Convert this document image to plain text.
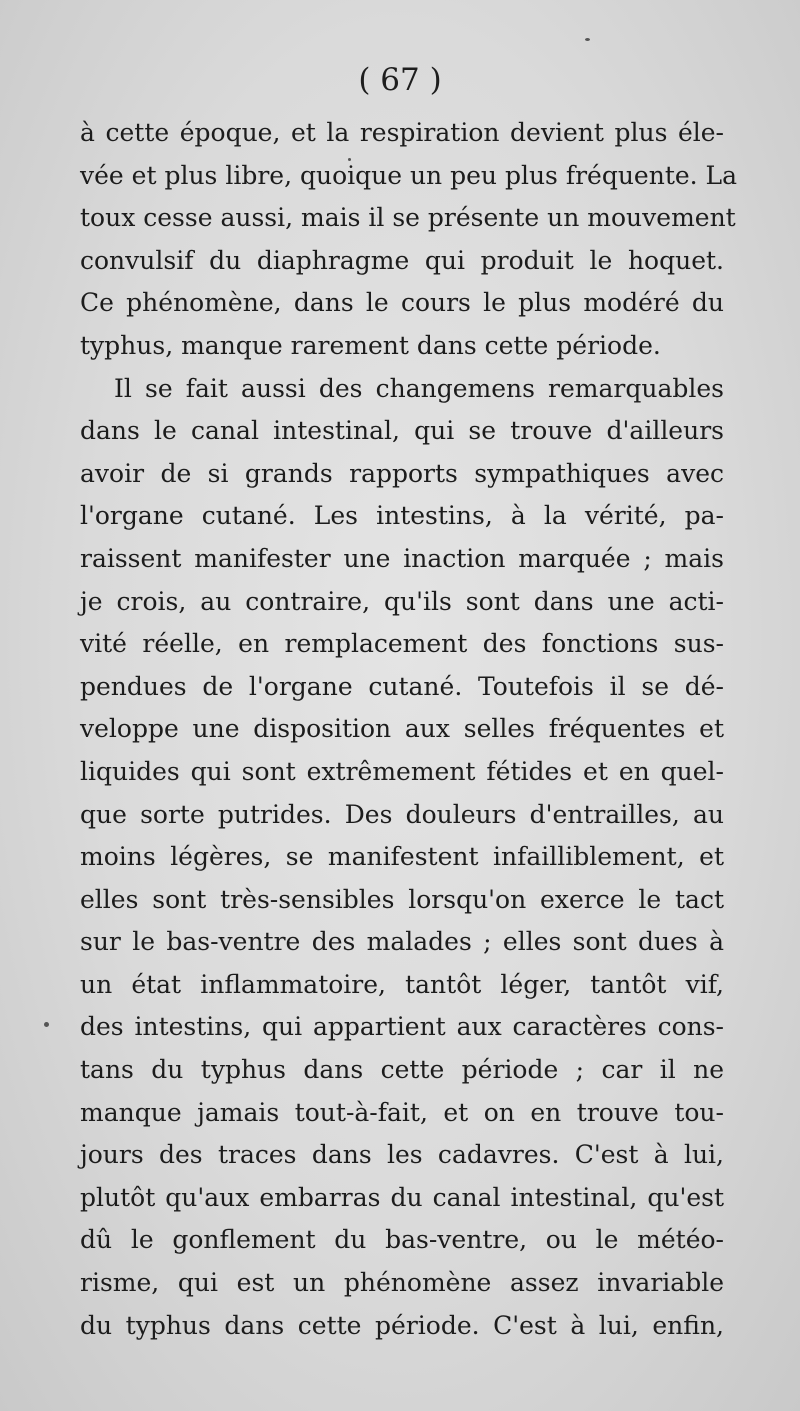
( 67 )

à cette époque, et la respiration devient plus éle-
vée et plus libre, quoique un peu plus fréquente. La
toux cesse aussi, mais il se présente un mouvement
convulsif du diaphragme qui produit le hoquet.
Ce phénomène, dans le cours le plus modéré du
typhus, manque rarement dans cette période.
Il se fait aussi des changemens remarquables
dans le canal intestinal, qui se trouve d'ailleurs
avoir de si grands rapports sympathiques avec
l'organe cutané. Les intestins, à la vérité, pa-
raissent manifester une inaction marquée ; mais
je crois, au contraire, qu'ils sont dans une acti-
vité réelle, en remplacement des fonctions sus-
pendues de l'organe cutané. Toutefois il se dé-
veloppe une disposition aux selles fréquentes et
liquides qui sont extrêmement fétides et en quel-
que sorte putrides. Des douleurs d'entrailles, au
moins légères, se manifestent infailliblement, et
elles sont très-sensibles lorsqu'on exerce le tact
sur le bas-ventre des malades ; elles sont dues à
un état inflammatoire, tantôt léger, tantôt vif,
des intestins, qui appartient aux caractères cons-
tans du typhus dans cette période ; car il ne
manque jamais tout-à-fait, et on en trouve tou-
jours des traces dans les cadavres. C'est à lui,
plutôt qu'aux embarras du canal intestinal, qu'est
dû le gonflement du bas-ventre, ou le météo-
risme, qui est un phénomène assez invariable
du typhus dans cette période. C'est à lui, enfin,
